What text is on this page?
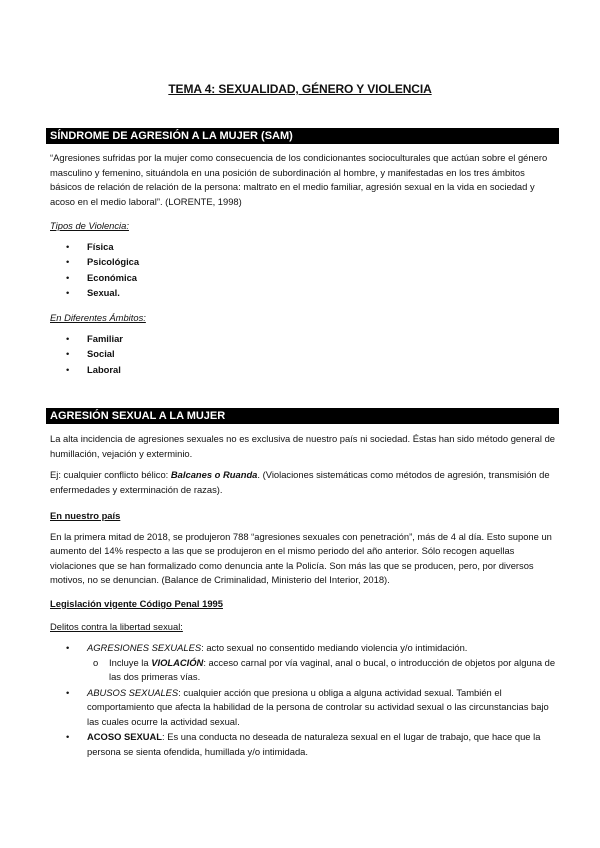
TEMA 4: SEXUALIDAD, GÉNERO Y VIOLENCIA
SÍNDROME DE AGRESIÓN A LA MUJER (SAM)

“Agresiones sufridas por la mujer como consecuencia de los condicionantes socioculturales que actúan sobre el género masculino y femenino, situándola en una posición de subordinación al hombre, y manifestadas en los tres ámbitos básicos de relación de relación de la persona: maltrato en el medio familiar, agresión sexual en la vida en sociedad y acoso en el medio laboral”. (LORENTE, 1998)

Tipos de Violencia:

• Física
• Psicológica
• Económica
• Sexual.

En Diferentes Ámbitos:

• Familiar
• Social
• Laboral
AGRESIÓN SEXUAL A LA MUJER

La alta incidencia de agresiones sexuales no es exclusiva de nuestro país ni sociedad. Éstas han sido método general de humillación, vejación y exterminio.

Ej: cualquier conflicto bélico: Balcanes o Ruanda. (Violaciones sistemáticas como métodos de agresión, transmisión de enfermedades y exterminación de razas).

En nuestro país

En la primera mitad de 2018, se produjeron 788 “agresiones sexuales con penetración”, más de 4 al día. Esto supone un aumento del 14% respecto a las que se produjeron en el mismo periodo del año anterior. Sólo recogen aquellas violaciones que se han formalizado como denuncia ante la Policía. Son más las que se producen, pero, por diversos motivos, no se denuncian. (Balance de Criminalidad, Ministerio del Interior, 2018).

Legislación vigente Código Penal 1995

Delitos contra la libertad sexual:

• AGRESIONES SEXUALES: acto sexual no consentido mediando violencia y/o intimidación.
o Incluye la VIOLACIÓN: acceso carnal por vía vaginal, anal o bucal, o introducción de objetos por alguna de las dos primeras vías.
• ABUSOS SEXUALES: cualquier acción que presiona u obliga a alguna actividad sexual. También el comportamiento que afecta la habilidad de la persona de controlar su actividad sexual o las circunstancias bajo las cuales ocurre la actividad sexual.
• ACOSO SEXUAL: Es una conducta no deseada de naturaleza sexual en el lugar de trabajo, que hace que la persona se sienta ofendida, humillada y/o intimidada.
